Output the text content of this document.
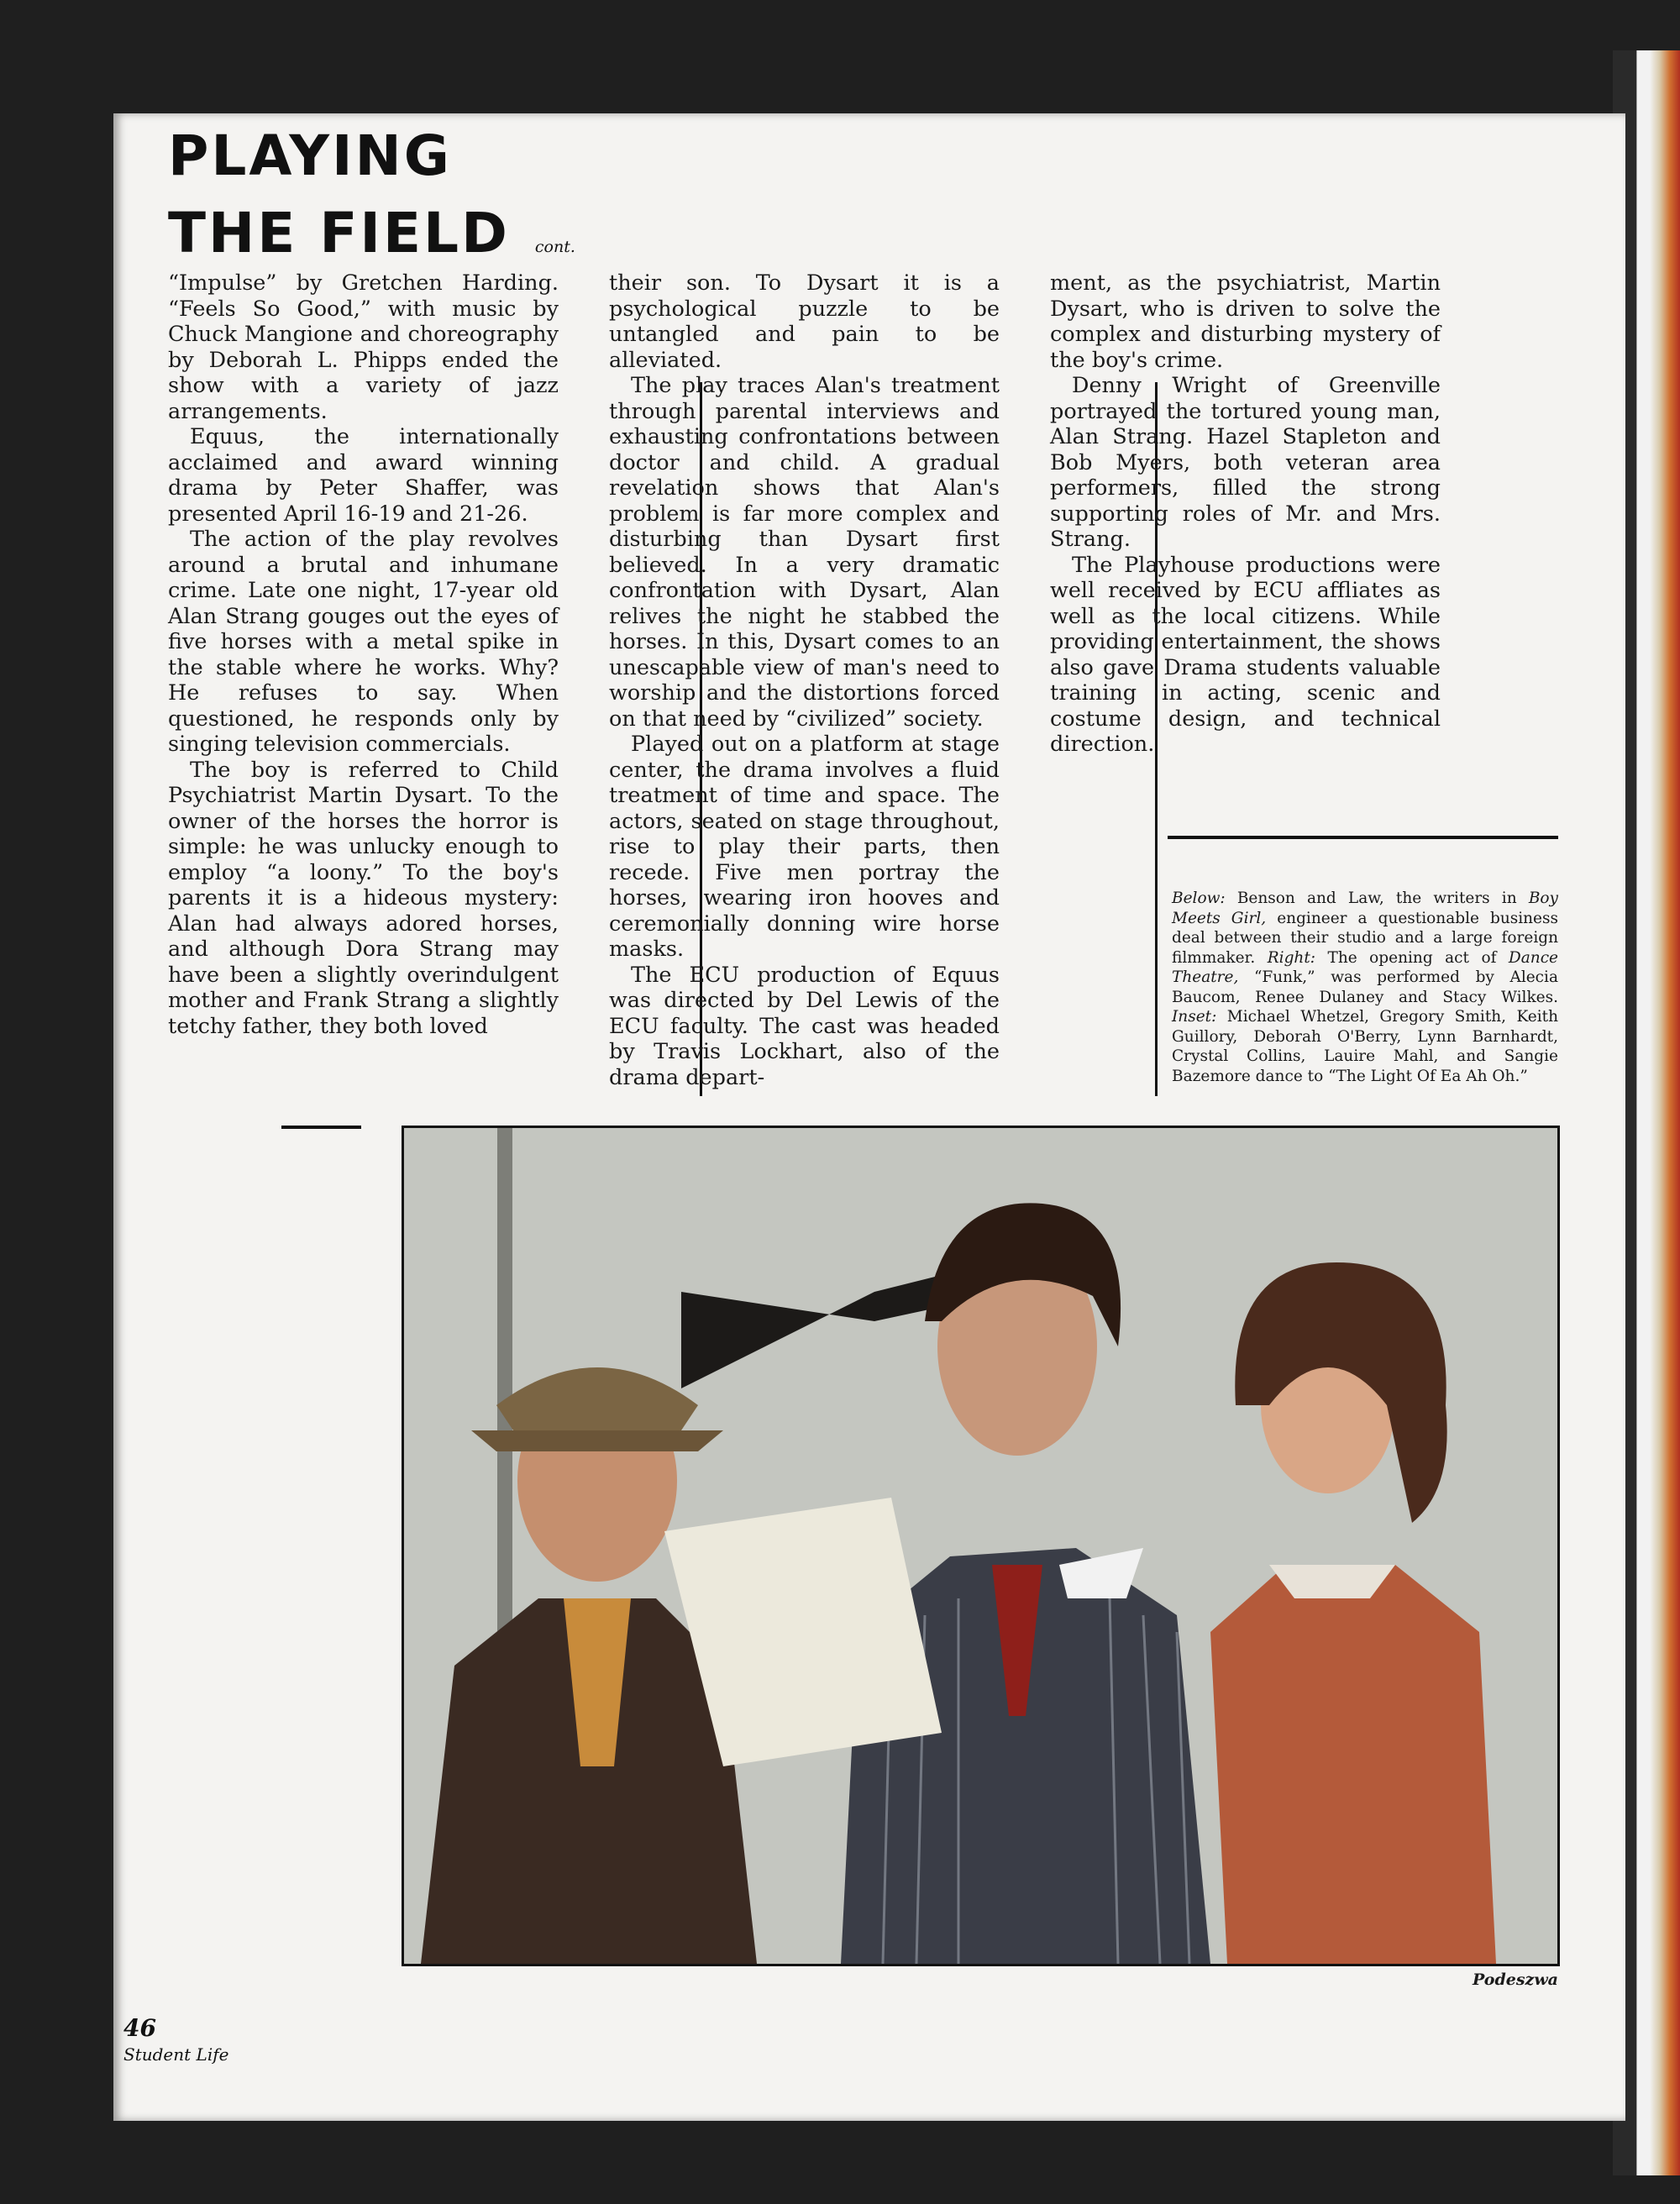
PLAYING
THE FIELD cont.

“Impulse” by Gretchen Harding. “Feels So Good,” with music by Chuck Mangione and choreography by Deborah L. Phipps ended the show with a variety of jazz arrangements.

Equus, the internationally acclaimed and award winning drama by Peter Shaffer, was presented April 16-19 and 21-26.

The action of the play revolves around a brutal and inhumane crime. Late one night, 17-year old Alan Strang gouges out the eyes of five horses with a metal spike in the stable where he works. Why? He refuses to say. When questioned, he responds only by singing television commercials.

The boy is referred to Child Psychiatrist Martin Dysart. To the owner of the horses the horror is simple: he was unlucky enough to employ “a loony.” To the boy's parents it is a hideous mystery: Alan had always adored horses, and although Dora Strang may have been a slightly overindulgent mother and Frank Strang a slightly tetchy father, they both loved

their son. To Dysart it is a psychological puzzle to be untangled and pain to be alleviated.

The play traces Alan's treatment through parental interviews and exhausting confrontations between doctor and child. A gradual revelation shows that Alan's problem is far more complex and disturbing than Dysart first believed. In a very dramatic confrontation with Dysart, Alan relives the night he stabbed the horses. In this, Dysart comes to an unescapable view of man's need to worship and the distortions forced on that need by “civilized” society.

Played out on a platform at stage center, the drama involves a fluid treatment of time and space. The actors, seated on stage throughout, rise to play their parts, then recede. Five men portray the horses, wearing iron hooves and ceremonially donning wire horse masks.

The ECU production of Equus was directed by Del Lewis of the ECU faculty. The cast was headed by Travis Lockhart, also of the drama depart-

ment, as the psychiatrist, Martin Dysart, who is driven to solve the complex and disturbing mystery of the boy's crime.

Denny Wright of Greenville portrayed the tortured young man, Alan Strang. Hazel Stapleton and Bob Myers, both veteran area performers, filled the strong supporting roles of Mr. and Mrs. Strang.

The Playhouse productions were well received by ECU affliates as well as the local citizens. While providing entertainment, the shows also gave Drama students valuable training in acting, scenic and costume design, and technical direction.

Below: Benson and Law, the writers in Boy Meets Girl, engineer a questionable business deal between their studio and a large foreign filmmaker. Right: The opening act of Dance Theatre, “Funk,” was performed by Alecia Baucom, Renee Dulaney and Stacy Wilkes. Inset: Michael Whetzel, Gregory Smith, Keith Guillory, Deborah O'Berry, Lynn Barnhardt, Crystal Collins, Lauire Mahl, and Sangie Bazemore dance to “The Light Of Ea Ah Oh.”
Podeszwa
46
Student Life
